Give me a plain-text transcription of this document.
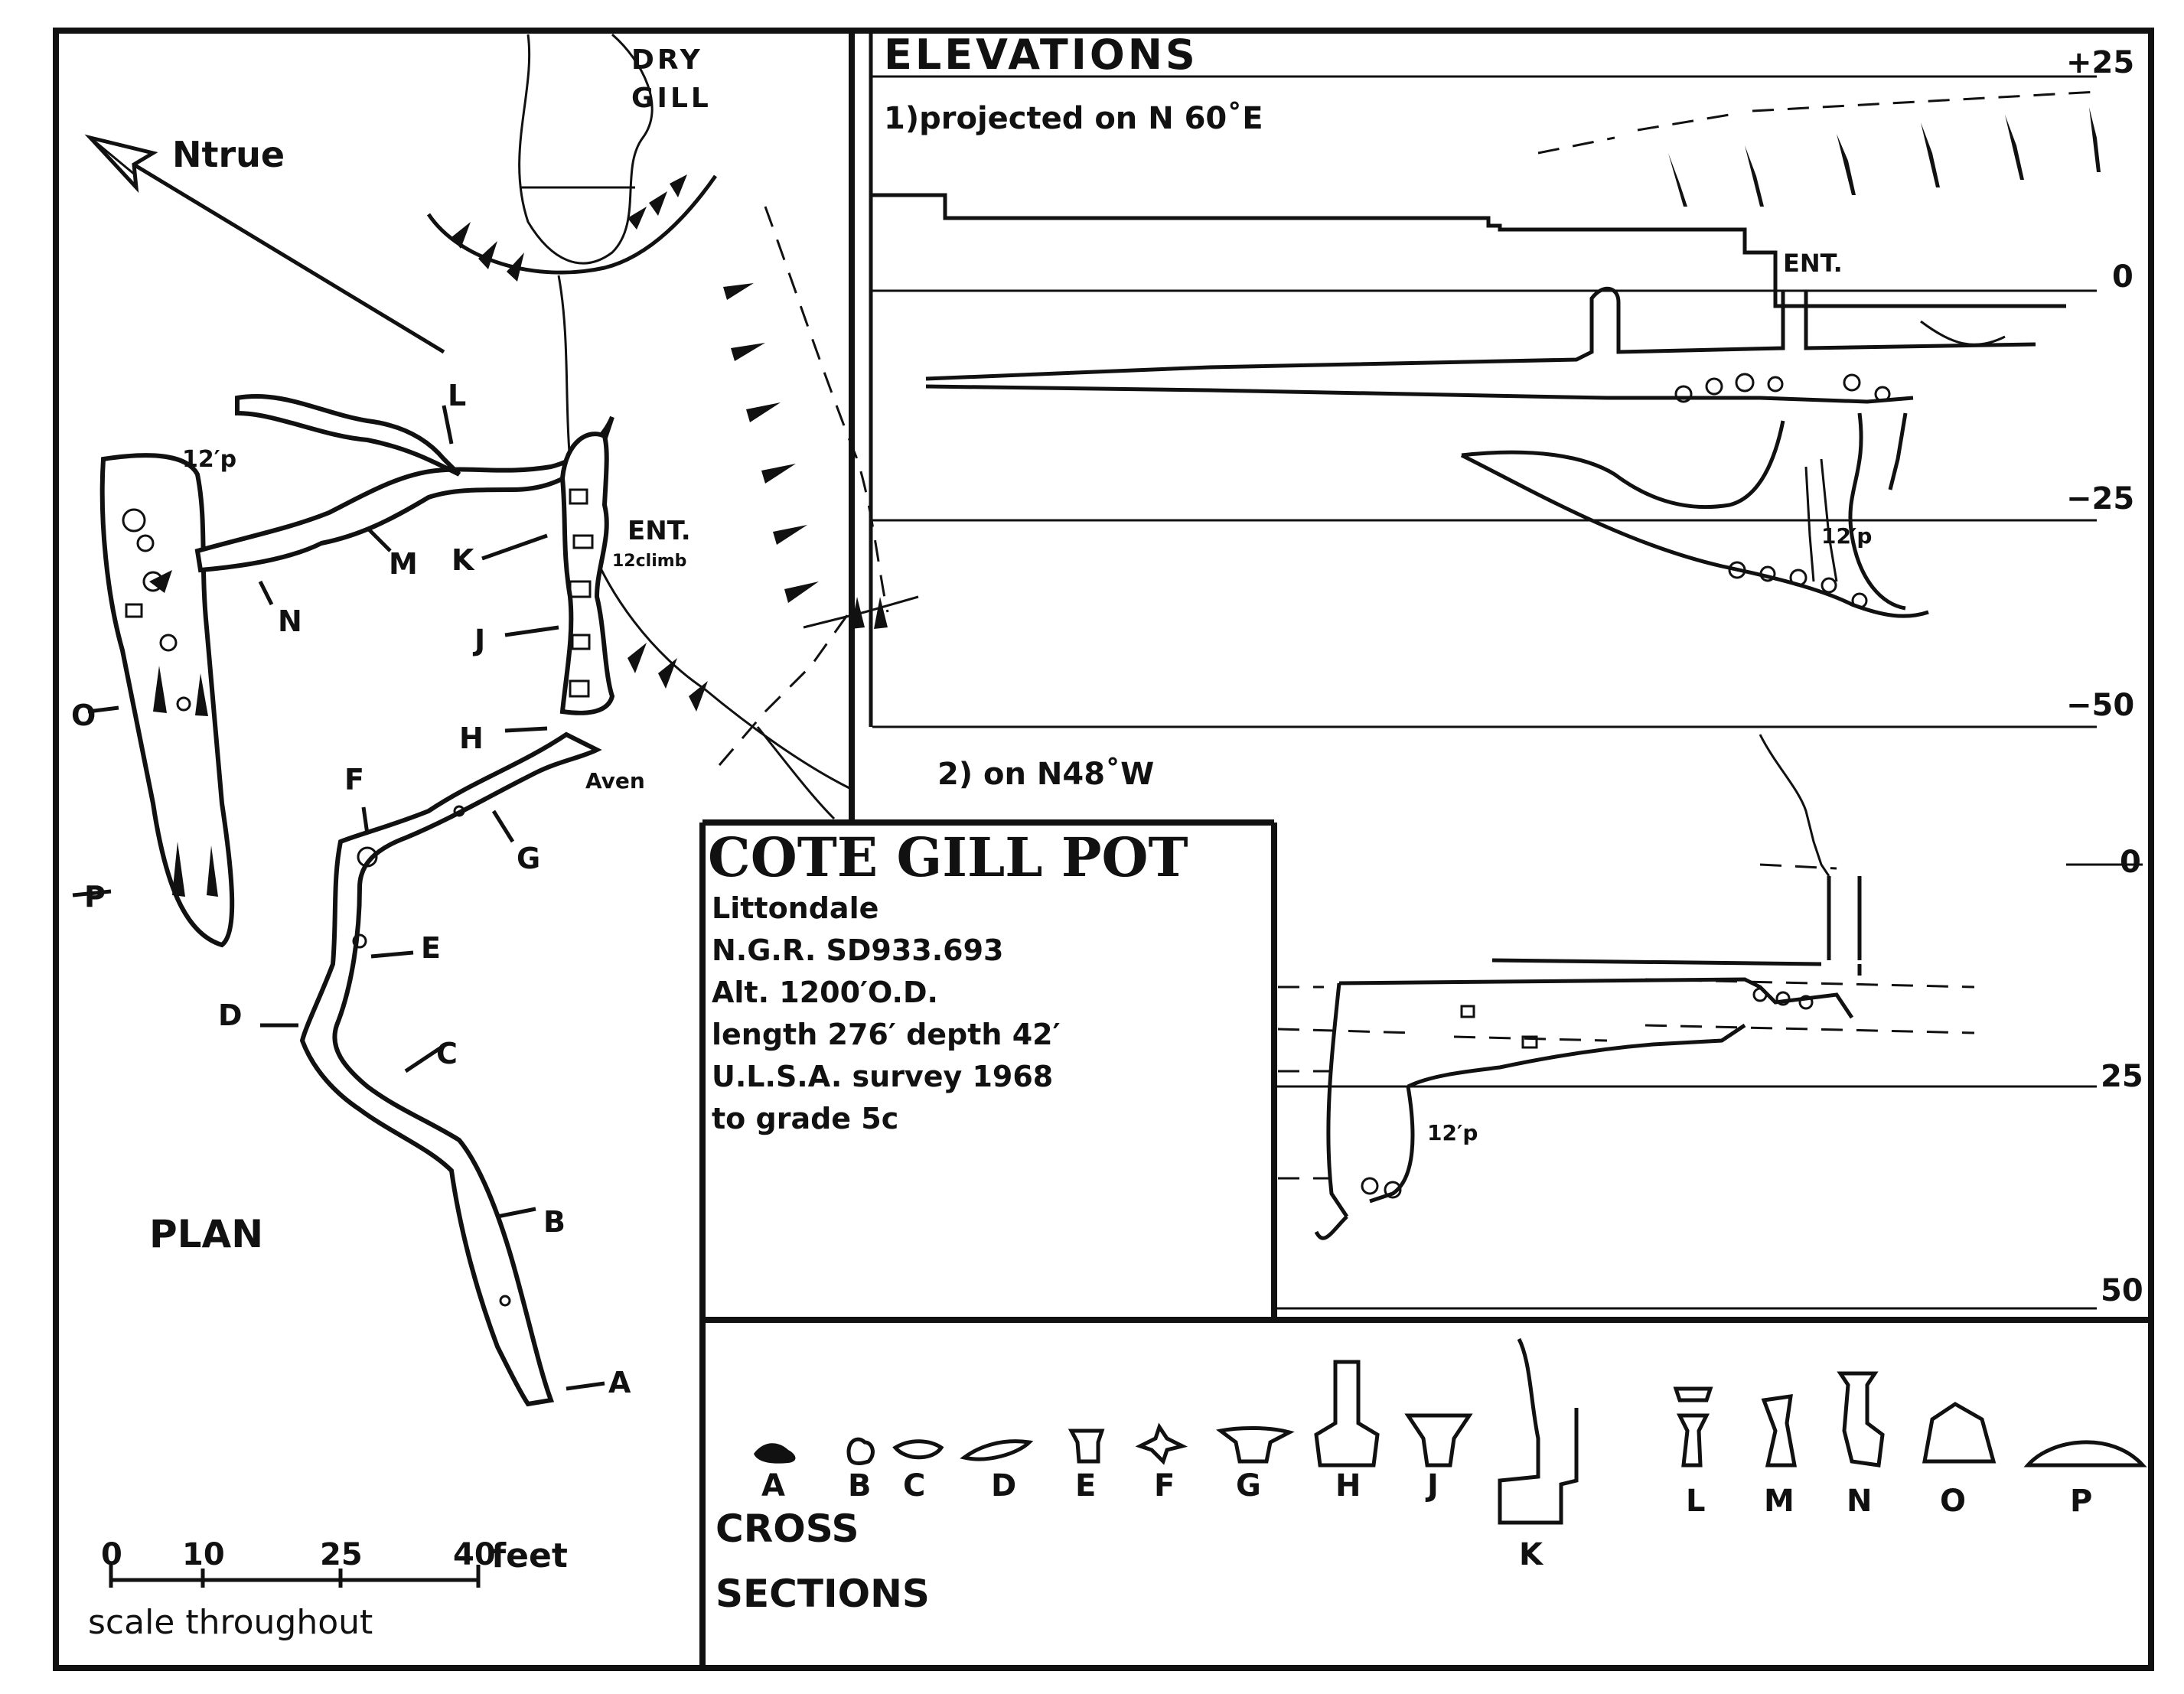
Ntrue
A
B
C
D
E
F
G
H
J
K
L
M
N
O
P
DRY
GILL
ENT.
12climb
Aven
12′p
PLAN
0 10	25	40
feet
scale throughout
ELEVATIONS
1)projected on N 60˚E
ENT.
12′p
+25
0
−25
−50
2) on N48˚W
12′p
0
25
50
COTE GILL POT
Littondale
N.G.R. SD933.693
Alt. 1200′O.D.
length 276′ depth 42′
U.L.S.A. survey 1968
to grade 5c
CROSS
SECTIONS
A B C D E F G H J
K
L M N O	P
